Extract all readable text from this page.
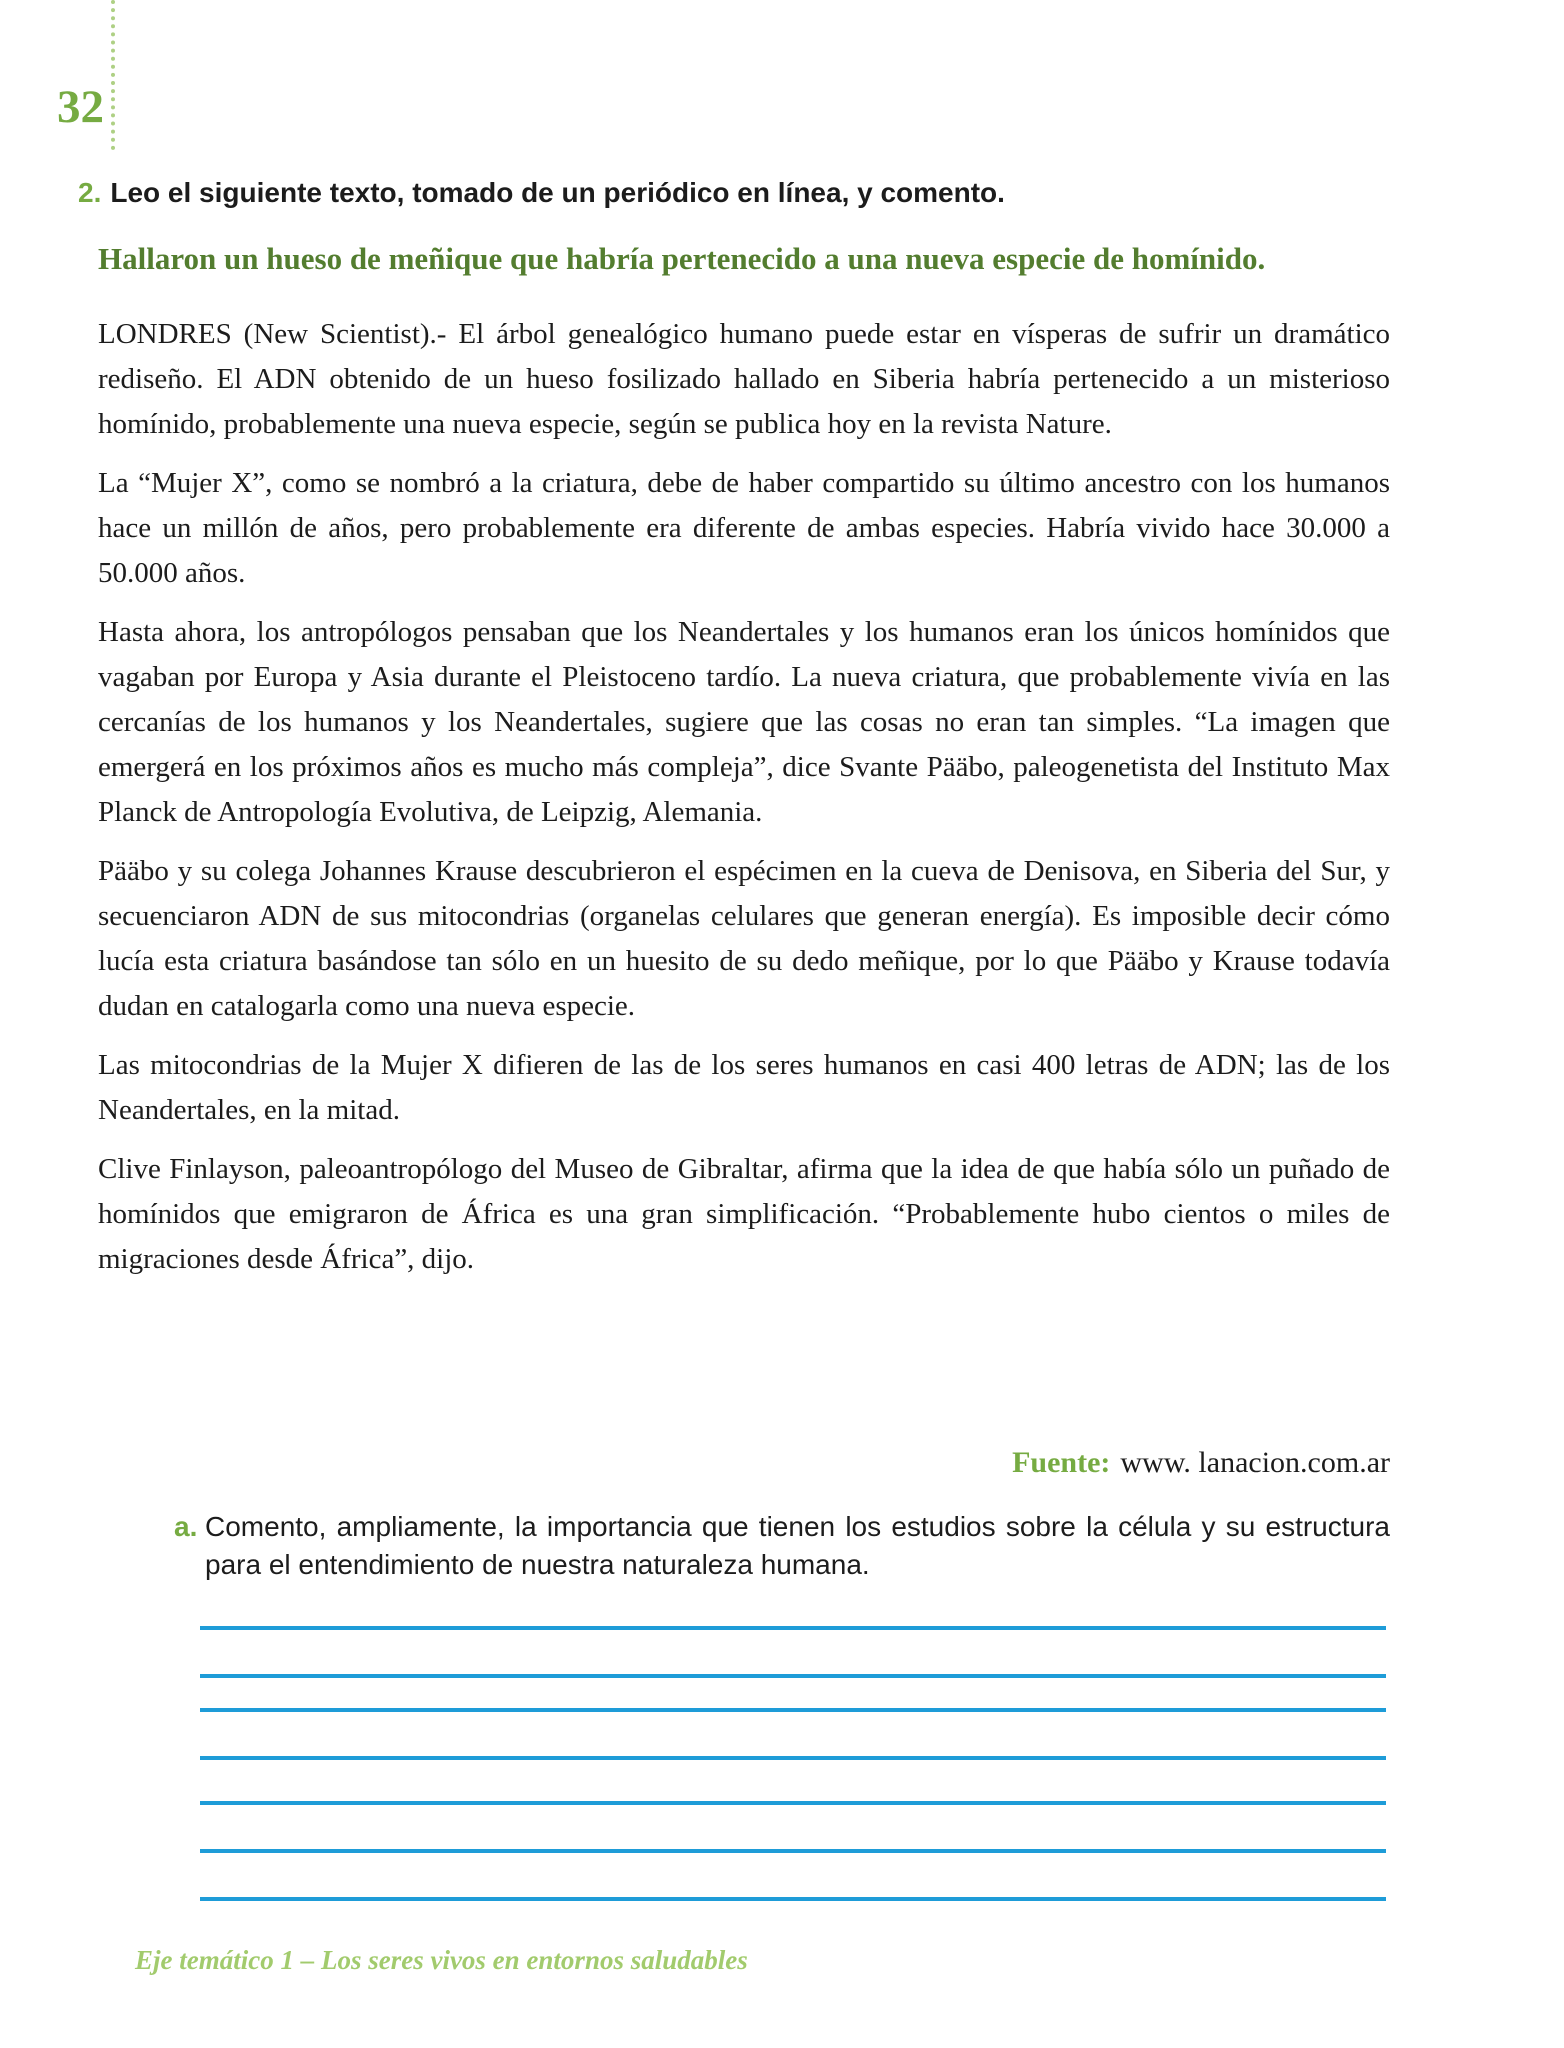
32
2. Leo el siguiente texto, tomado de un periódico en línea, y comento.
Hallaron un hueso de meñique que habría pertenecido a una nueva especie de homínido.

LONDRES (New Scientist).- El árbol genealógico humano puede estar en vísperas de sufrir un dramático rediseño. El ADN obtenido de un hueso fosilizado hallado en Siberia habría pertenecido a un misterioso homínido, probablemente una nueva especie, según se publica hoy en la revista Nature.

La “Mujer X”, como se nombró a la criatura, debe de haber compartido su último ancestro con los humanos hace un millón de años, pero probablemente era diferente de ambas especies. Habría vivido hace 30.000 a 50.000 años.

Hasta ahora, los antropólogos pensaban que los Neandertales y los humanos eran los únicos homínidos que vagaban por Europa y Asia durante el Pleistoceno tardío. La nueva criatura, que probablemente vivía en las cercanías de los humanos y los Neandertales, sugiere que las cosas no eran tan simples. “La imagen que emergerá en los próximos años es mucho más compleja”, dice Svante Pääbo, paleogenetista del Instituto Max Planck de Antropología Evolutiva, de Leipzig, Alemania.

Pääbo y su colega Johannes Krause descubrieron el espécimen en la cueva de Denisova, en Siberia del Sur, y secuenciaron ADN de sus mitocondrias (organelas celulares que generan energía). Es imposible decir cómo lucía esta criatura basándose tan sólo en un huesito de su dedo meñique, por lo que Pääbo y Krause todavía dudan en catalogarla como una nueva especie.

Las mitocondrias de la Mujer X difieren de las de los seres humanos en casi 400 letras de ADN; las de los Neandertales, en la mitad.

Clive Finlayson, paleoantropólogo del Museo de Gibraltar, afirma que la idea de que había sólo un puñado de homínidos que emigraron de África es una gran simplificación. “Probablemente hubo cientos o miles de migraciones desde África”, dijo.

Fuente: www. lanacion.com.ar
a. Comento, ampliamente, la importancia que tienen los estudios sobre la célula y su estructura para el entendimiento de nuestra naturaleza humana.
Eje temático 1 – Los seres vivos en entornos saludables
